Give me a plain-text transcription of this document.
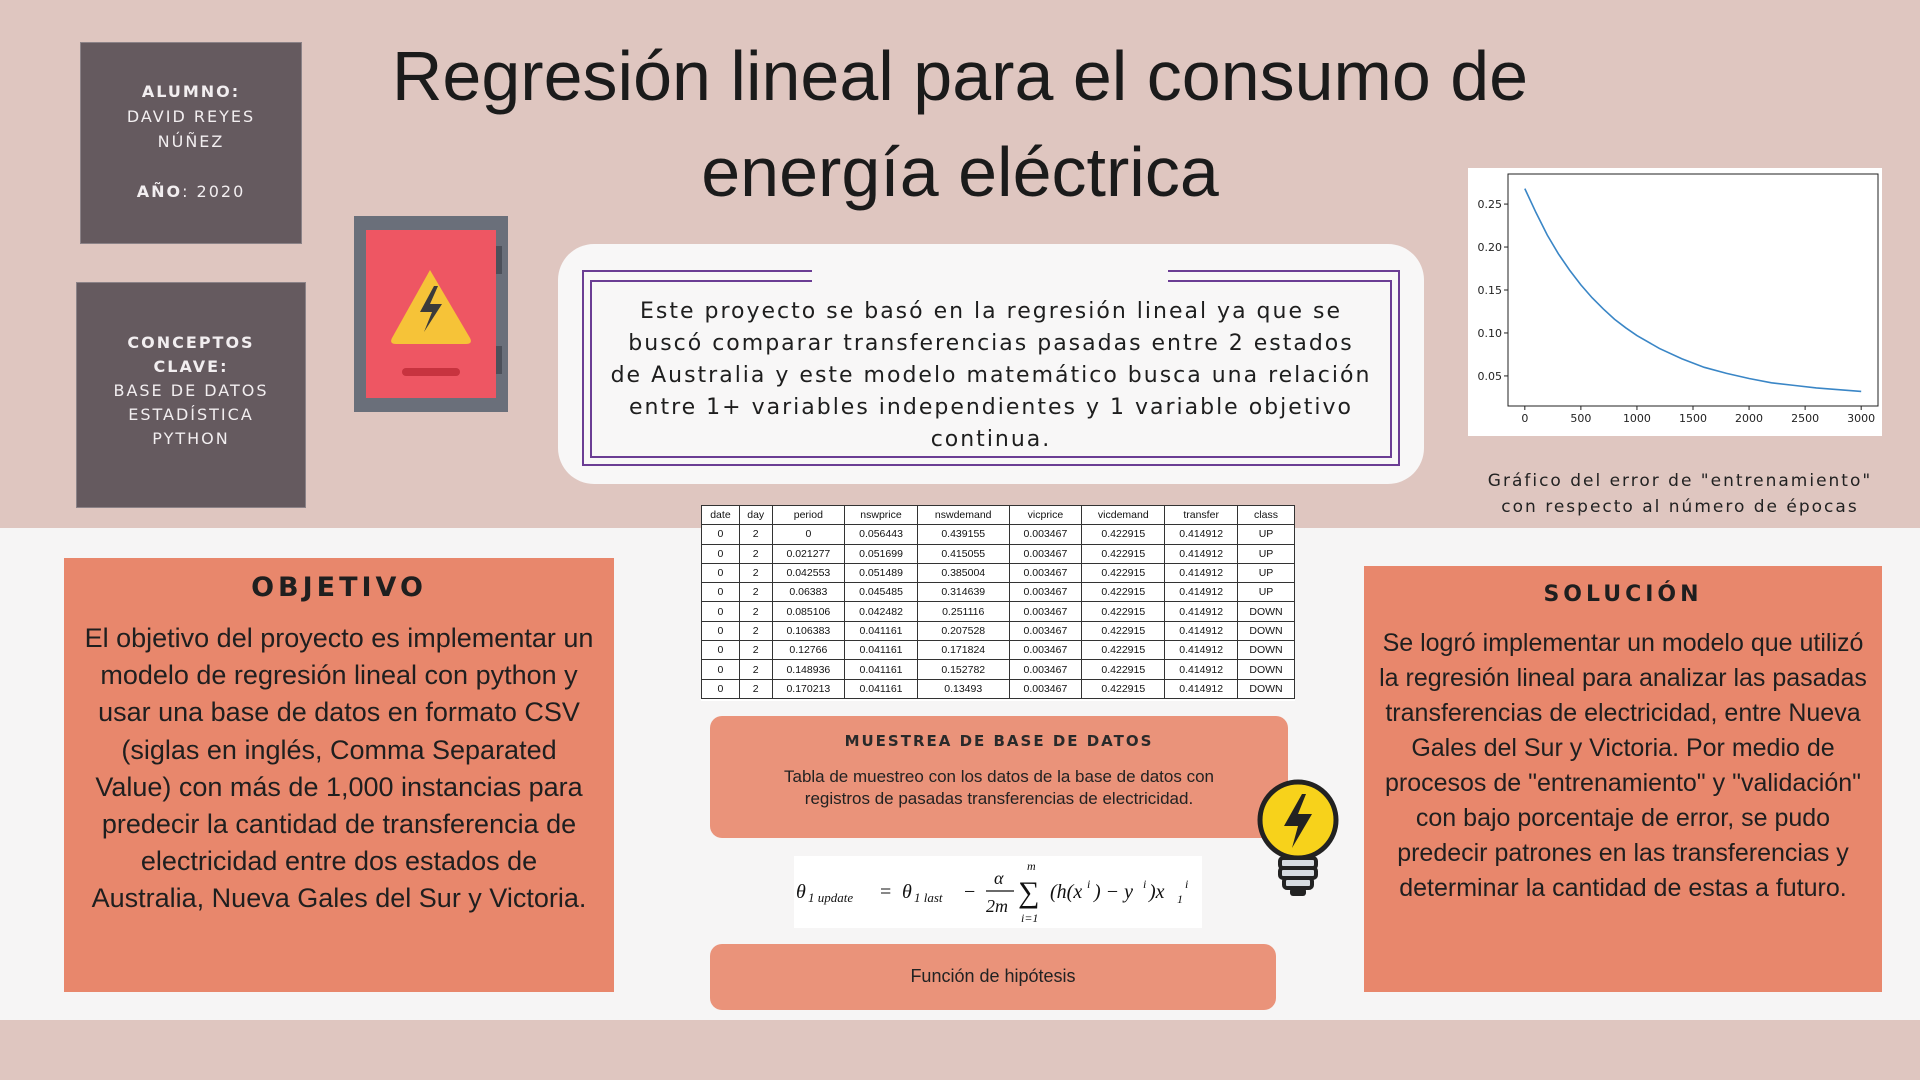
Regresión lineal para el consumo de energía eléctrica
ALUMNO:
DAVID REYES
NÚÑEZ
AÑO: 2020
CONCEPTOS
CLAVE:
BASE DE DATOS
ESTADÍSTICA
PYTHON

Este proyecto se basó en la regresión lineal ya que se buscó comparar transferencias pasadas entre 2 estados de Australia y este modelo matemático busca una relación entre 1+ variables independientes y 1 variable objetivo continua.

0	500	1000	1500	2000	2500	3000
0.05
0.10
0.15
0.20
0.25
Gráfico del error de "entrenamiento"
con respecto al número de épocas
OBJETIVO

El objetivo del proyecto es implementar un modelo de regresión lineal con python y usar una base de datos en formato CSV (siglas en inglés, Comma Separated Value) con más de 1,000 instancias para predecir la cantidad de transferencia de electricidad entre dos estados de Australia, Nueva Gales del Sur y Victoria.

date	day	period	nswprice	nswdemand	vicprice	vicdemand	transfer	class
0	2	0	0.056443	0.439155	0.003467	0.422915	0.414912	UP
0	2	0.021277	0.051699	0.415055	0.003467	0.422915	0.414912	UP
0	2	0.042553	0.051489	0.385004	0.003467	0.422915	0.414912	UP
0	2	0.06383	0.045485	0.314639	0.003467	0.422915	0.414912	UP
0	2	0.085106	0.042482	0.251116	0.003467	0.422915	0.414912	DOWN
0	2	0.106383	0.041161	0.207528	0.003467	0.422915	0.414912	DOWN
0	2	0.12766	0.041161	0.171824	0.003467	0.422915	0.414912	DOWN
0	2	0.148936	0.041161	0.152782	0.003467	0.422915	0.414912	DOWN
0	2	0.170213	0.041161	0.13493	0.003467	0.422915	0.414912	DOWN
MUESTREA DE BASE DE DATOS
Tabla de muestreo con los datos de la base de datos con
registros de pasadas transferencias de electricidad.
θ 1 update = θ 1 last −
α
2m ∑
m
i=1
(h(x i ) − y i )x 1
i
Función de hipótesis
SOLUCIÓN

Se logró implementar un modelo que utilizó la regresión lineal para analizar las pasadas transferencias de electricidad, entre Nueva Gales del Sur y Victoria. Por medio de procesos de "entrenamiento" y "validación" con bajo porcentaje de error, se pudo predecir patrones en las transferencias y determinar la cantidad de estas a futuro.
